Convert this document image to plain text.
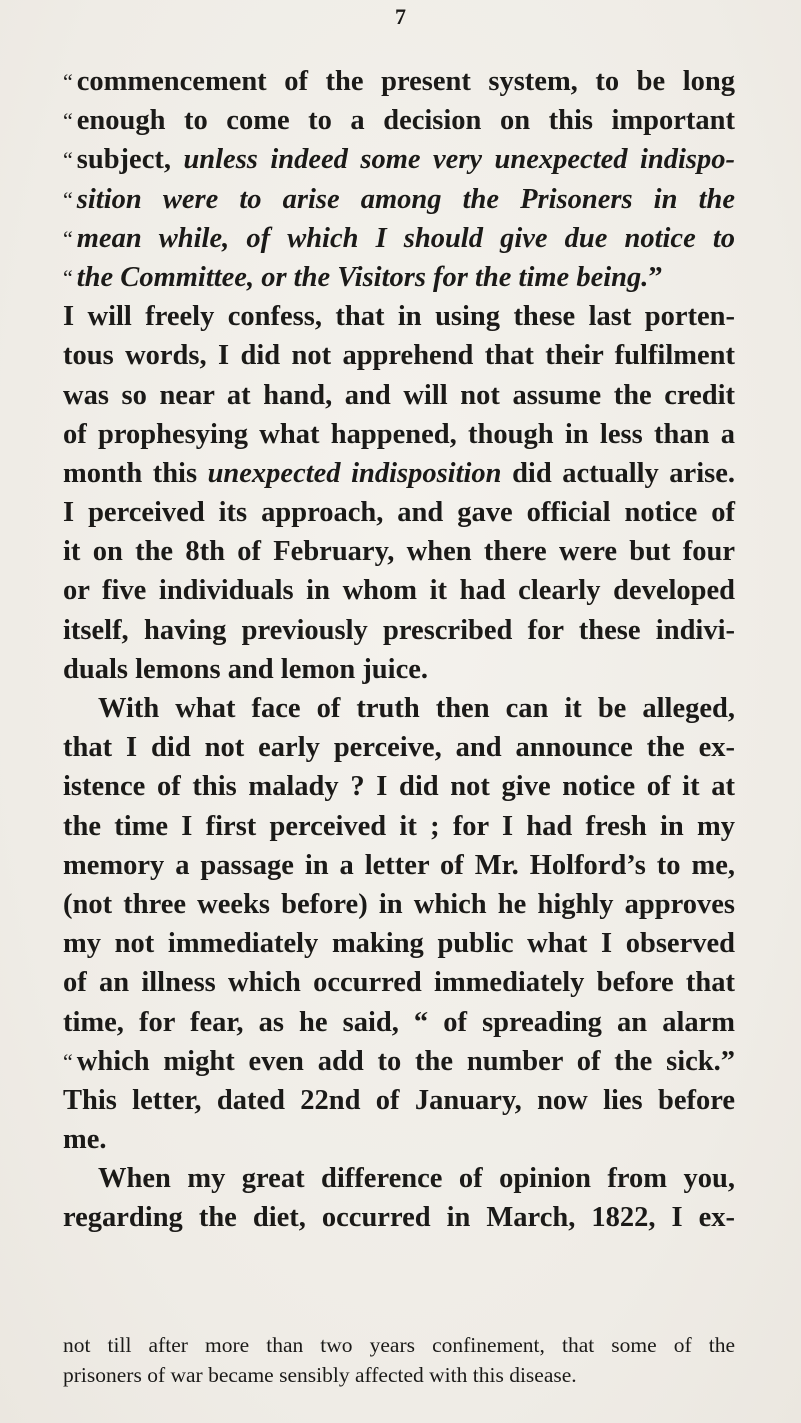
7
“ commencement of the present system, to be long
“ enough to come to a decision on this important
“ subject, unless indeed some very unexpected indispo-
“ sition were to arise among the Prisoners in the
“ mean while, of which I should give due notice to
“ the Committee, or the Visitors for the time being.”
I will freely confess, that in using these last porten-
tous words, I did not apprehend that their fulfilment
was so near at hand, and will not assume the credit
of prophesying what happened, though in less than a
month this unexpected indisposition did actually arise.
I perceived its approach, and gave official notice of
it on the 8th of February, when there were but four
or five individuals in whom it had clearly developed
itself, having previously prescribed for these indivi-
duals lemons and lemon juice.
With what face of truth then can it be alleged,
that I did not early perceive, and announce the ex-
istence of this malady ? I did not give notice of it at
the time I first perceived it ; for I had fresh in my
memory a passage in a letter of Mr. Holford’s to me,
(not three weeks before) in which he highly approves
my not immediately making public what I observed
of an illness which occurred immediately before that
time, for fear, as he said, “ of spreading an alarm
“ which might even add to the number of the sick.”
This letter, dated 22nd of January, now lies before
me.
When my great difference of opinion from you,
regarding the diet, occurred in March, 1822, I ex-
not till after more than two years confinement, that some of the
prisoners of war became sensibly affected with this disease.
